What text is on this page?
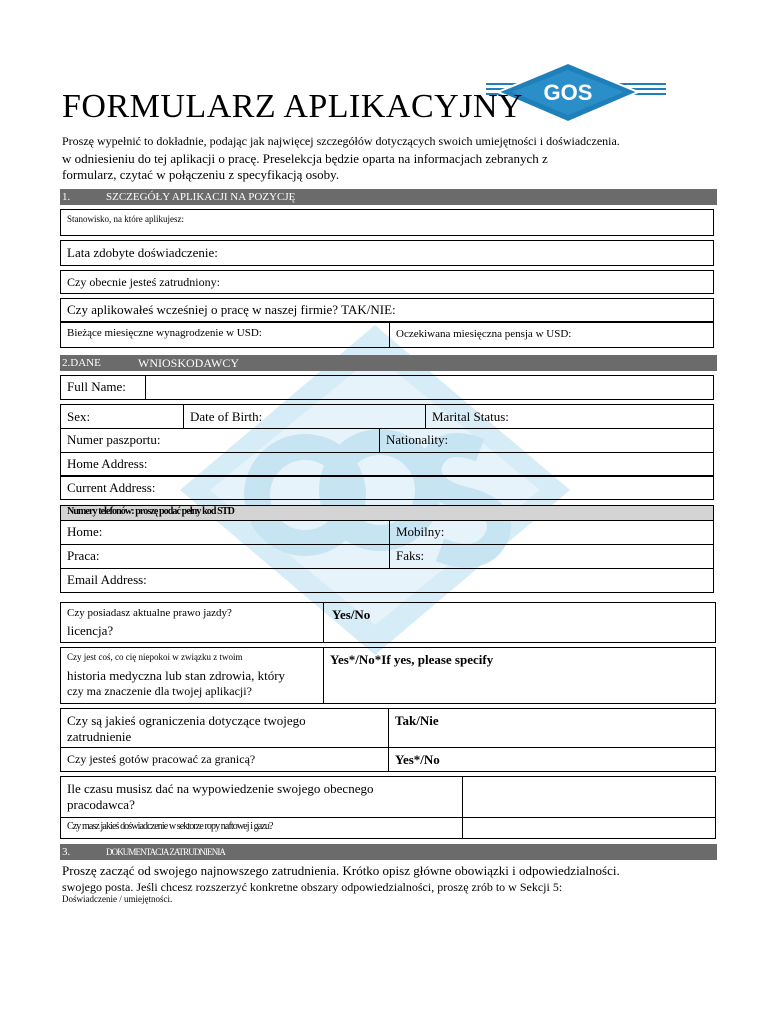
GOS
FORMULARZ APLIKACYJNY
Proszę wypełnić to dokładnie, podając jak najwięcej szczegółów dotyczących swoich umiejętności i doświadczenia.
w odniesieniu do tej aplikacji o pracę. Preselekcja będzie oparta na informacjach zebranych z
formularz, czytać w połączeniu z specyfikacją osoby.
1.	SZCZEGÓŁY APLIKACJI NA POZYCJĘ
Stanowisko, na które aplikujesz:
Lata zdobyte doświadczenie:
Czy obecnie jesteś zatrudniony:
Czy aplikowałeś wcześniej o pracę w naszej firmie? TAK/NIE:
Bieżące miesięczne wynagrodzenie w USD:	Oczekiwana miesięczna pensja w USD:
2.DANE	WNIOSKODAWCY
Full Name:
Sex:	Date of Birth:	Marital Status:
Numer paszportu:	Nationality:
Home Address:
Current Address:
Numery telefonów: proszę podać pełny kod STD
Home:	Mobilny:
Praca:	Faks:
Email Address:
Czy posiadasz aktualne prawo jazdy?
licencja?
Yes/No
Czy jest coś, co cię niepokoi w związku z twoim
historia medyczna lub stan zdrowia, który
czy ma znaczenie dla twojej aplikacji?
Yes*/No*If yes, please specify
Czy są jakieś ograniczenia dotyczące twojego
zatrudnienie
Tak/Nie
Czy jesteś gotów pracować za granicą?	Yes*/No
Ile czasu musisz dać na wypowiedzenie swojego obecnego
pracodawca?
Czy masz jakieś doświadczenie w sektorze ropy naftowej i gazu?
3.	DOKUMENTACJA ZATRUDNIENIA
Proszę zacząć od swojego najnowszego zatrudnienia. Krótko opisz główne obowiązki i odpowiedzialności.
swojego posta. Jeśli chcesz rozszerzyć konkretne obszary odpowiedzialności, proszę zrób to w Sekcji 5:
Doświadczenie / umiejętności.
